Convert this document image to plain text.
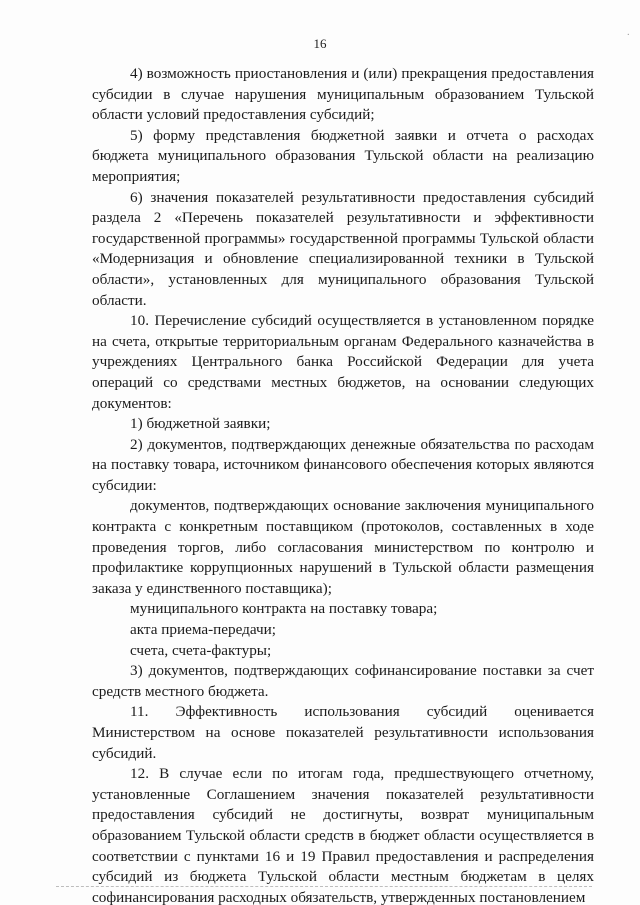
16
·

4) возможность приостановления и (или) прекращения предоставления субсидии в случае нарушения муниципальным образованием Тульской области условий предоставления субсидий;

5) форму представления бюджетной заявки и отчета о расходах бюджета муниципального образования Тульской области на реализацию мероприятия;

6) значения показателей результативности предоставления субсидий раздела 2 «Перечень показателей результативности и эффективности государственной программы» государственной программы Тульской области «Модернизация и обновление специализированной техники в Тульской области», установленных для муниципального образования Тульской области.

10. Перечисление субсидий осуществляется в установленном порядке на счета, открытые территориальным органам Федерального казначейства в учреждениях Центрального банка Российской Федерации для учета операций со средствами местных бюджетов, на основании следующих документов:

1) бюджетной заявки;

2) документов, подтверждающих денежные обязательства по расходам на поставку товара, источником финансового обеспечения которых являются субсидии:

документов, подтверждающих основание заключения муниципального контракта с конкретным поставщиком (протоколов, составленных в ходе проведения торгов, либо согласования министерством по контролю и профилактике коррупционных нарушений в Тульской области размещения заказа у единственного поставщика);

муниципального контракта на поставку товара;

акта приема-передачи;

счета, счета-фактуры;

3) документов, подтверждающих софинансирование поставки за счет средств местного бюджета.

11. Эффективность использования субсидий оценивается Министерством на основе показателей результативности использования субсидий.

12. В случае если по итогам года, предшествующего отчетному, установленные Соглашением значения показателей результативности предоставления субсидий не достигнуты, возврат муниципальным образованием Тульской области средств в бюджет области осуществляется в соответствии с пунктами 16 и 19 Правил предоставления и распределения субсидий из бюджета Тульской области местным бюджетам в целях софинансирования расходных обязательств, утвержденных постановлением
